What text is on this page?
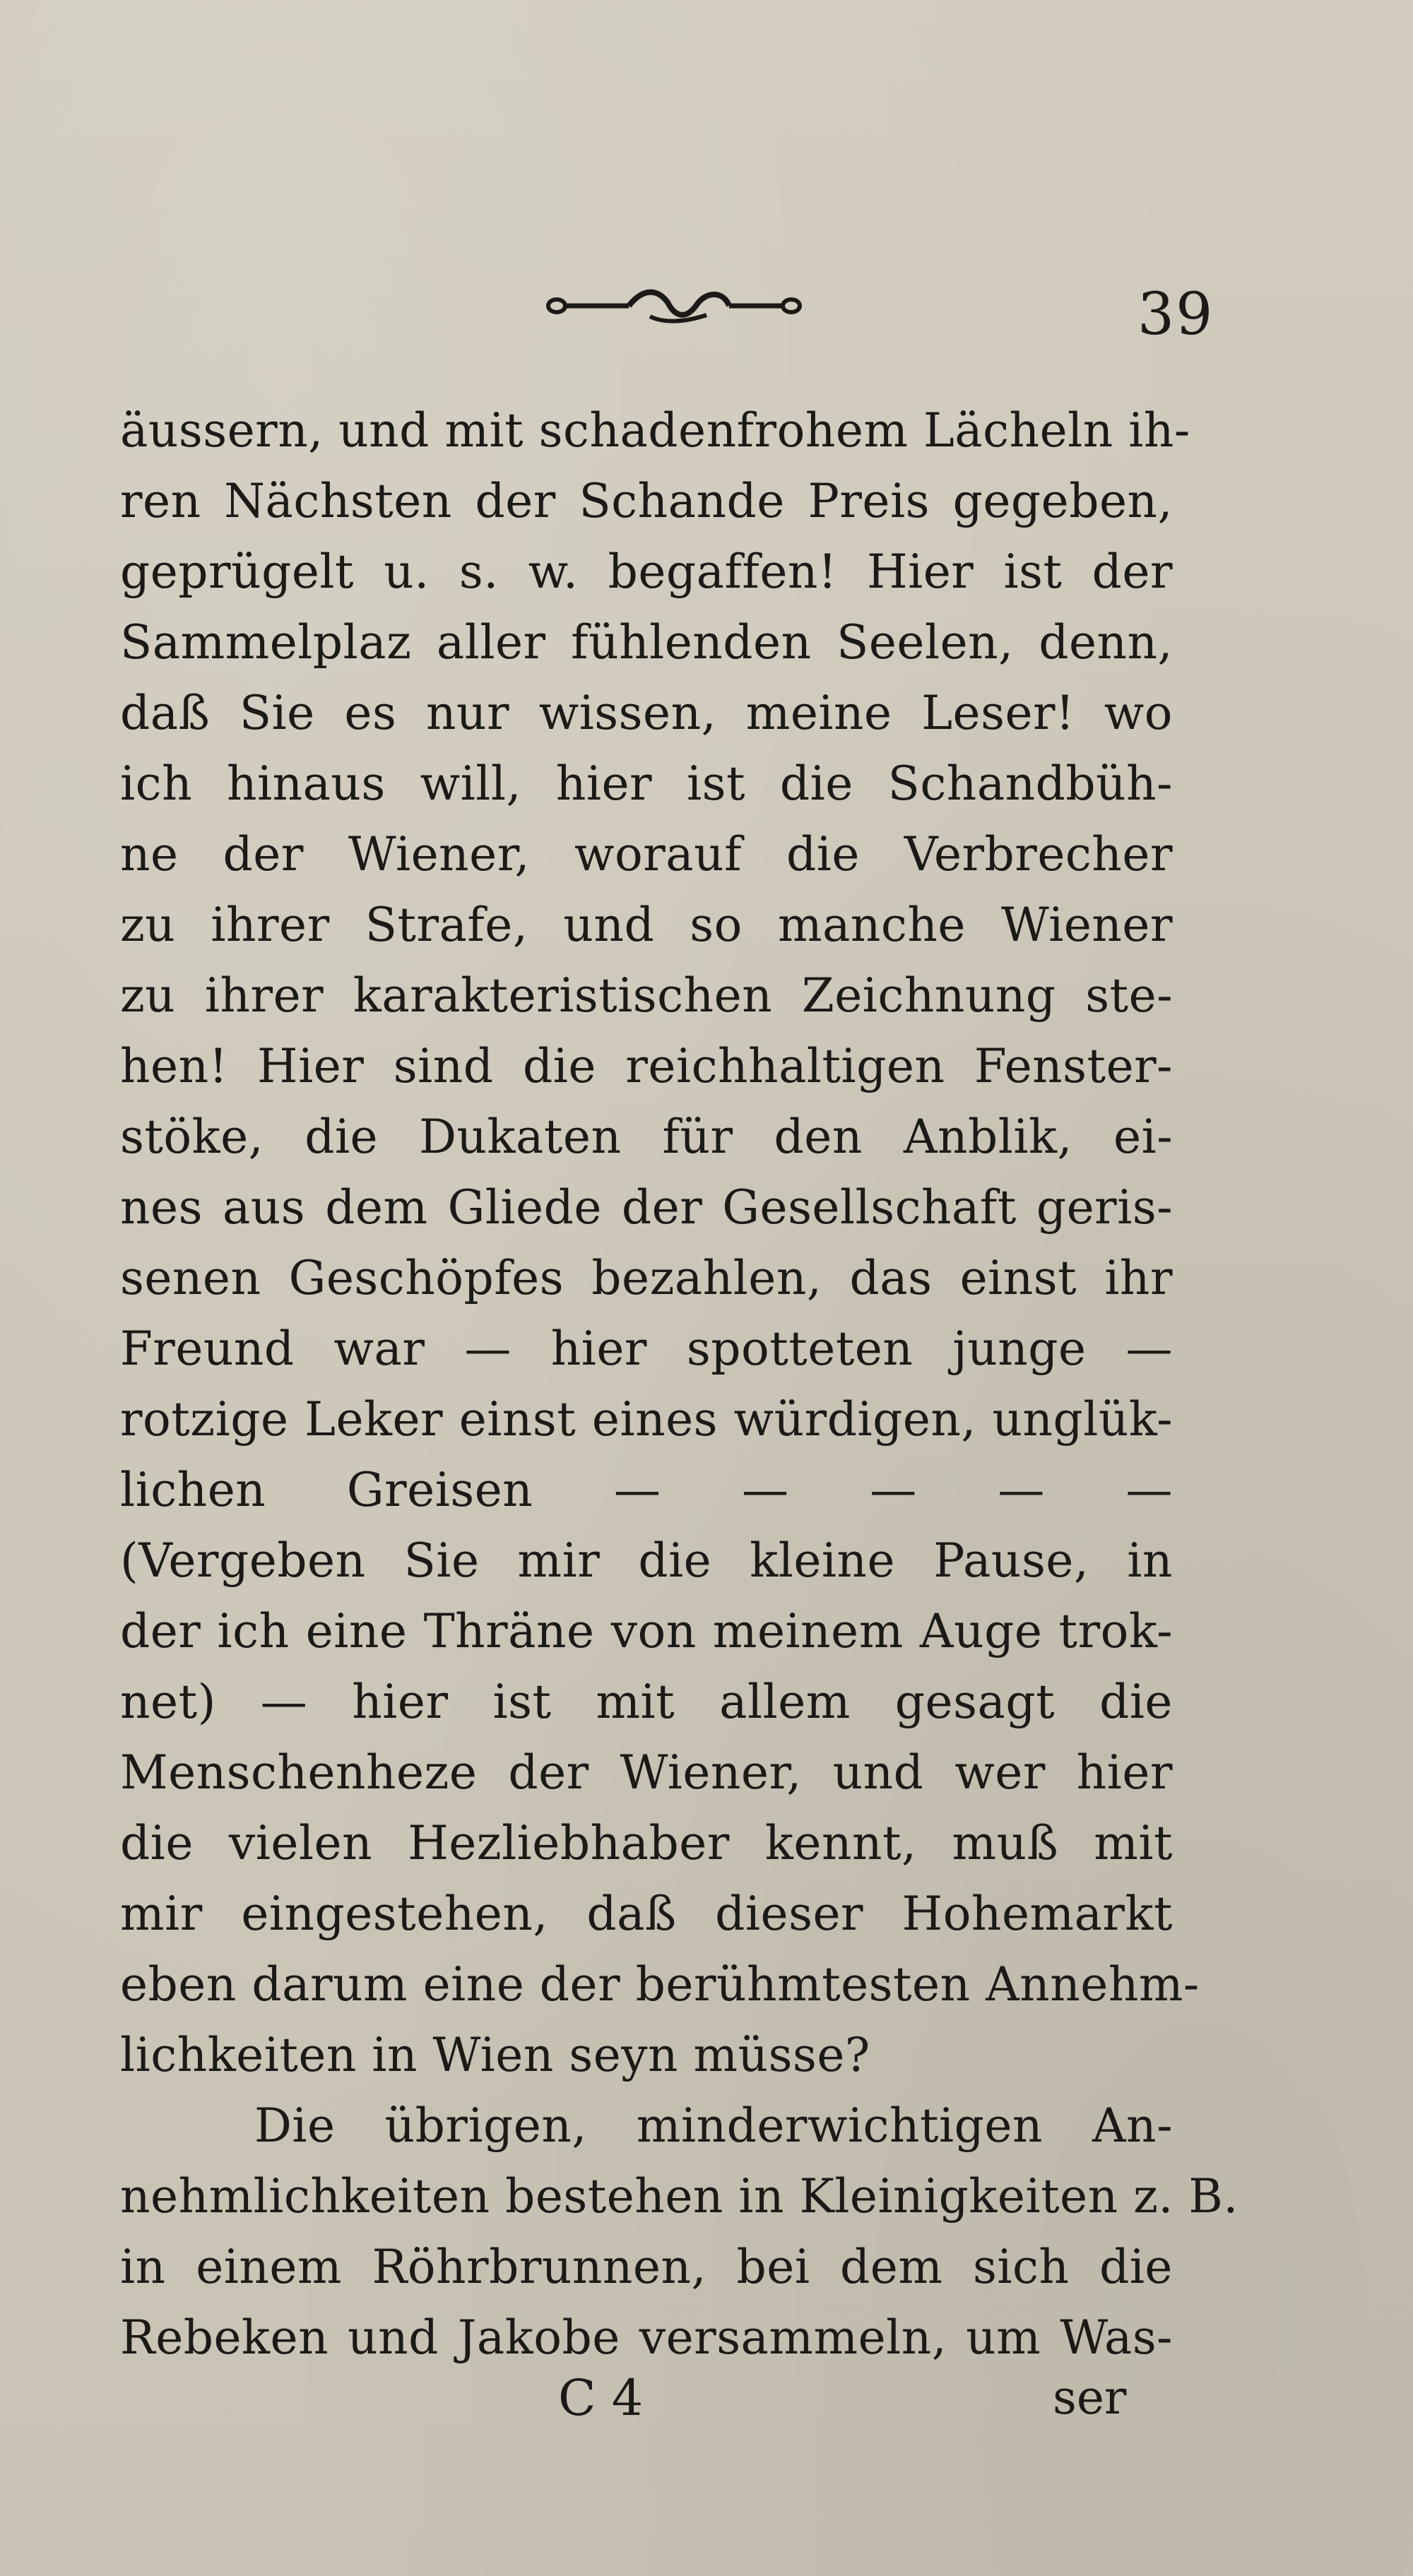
39
äussern, und mit schadenfrohem Lächeln ih-
ren Nächsten der Schande Preis gegeben,
geprügelt u. s. w. begaffen! Hier ist der
Sammelplaz aller fühlenden Seelen, denn,
daß Sie es nur wissen, meine Leser! wo
ich hinaus will, hier ist die Schandbüh-
ne der Wiener, worauf die Verbrecher
zu ihrer Strafe, und so manche Wiener
zu ihrer karakteristischen Zeichnung ste-
hen! Hier sind die reichhaltigen Fenster-
stöke, die Dukaten für den Anblik, ei-
nes aus dem Gliede der Gesellschaft geris-
senen Geschöpfes bezahlen, das einst ihr
Freund war — hier spotteten junge —
rotzige Leker einst eines würdigen, unglük-
lichen Greisen — — — — —
(Vergeben Sie mir die kleine Pause, in
der ich eine Thräne von meinem Auge trok-
net) — hier ist mit allem gesagt die
Menschenheze der Wiener, und wer hier
die vielen Hezliebhaber kennt, muß mit
mir eingestehen, daß dieser Hohemarkt
eben darum eine der berühmtesten Annehm-
lichkeiten in Wien seyn müsse?
Die übrigen, minderwichtigen An-
nehmlichkeiten bestehen in Kleinigkeiten z. B.
in einem Röhrbrunnen, bei dem sich die
Rebeken und Jakobe versammeln, um Was-
C 4	ser
